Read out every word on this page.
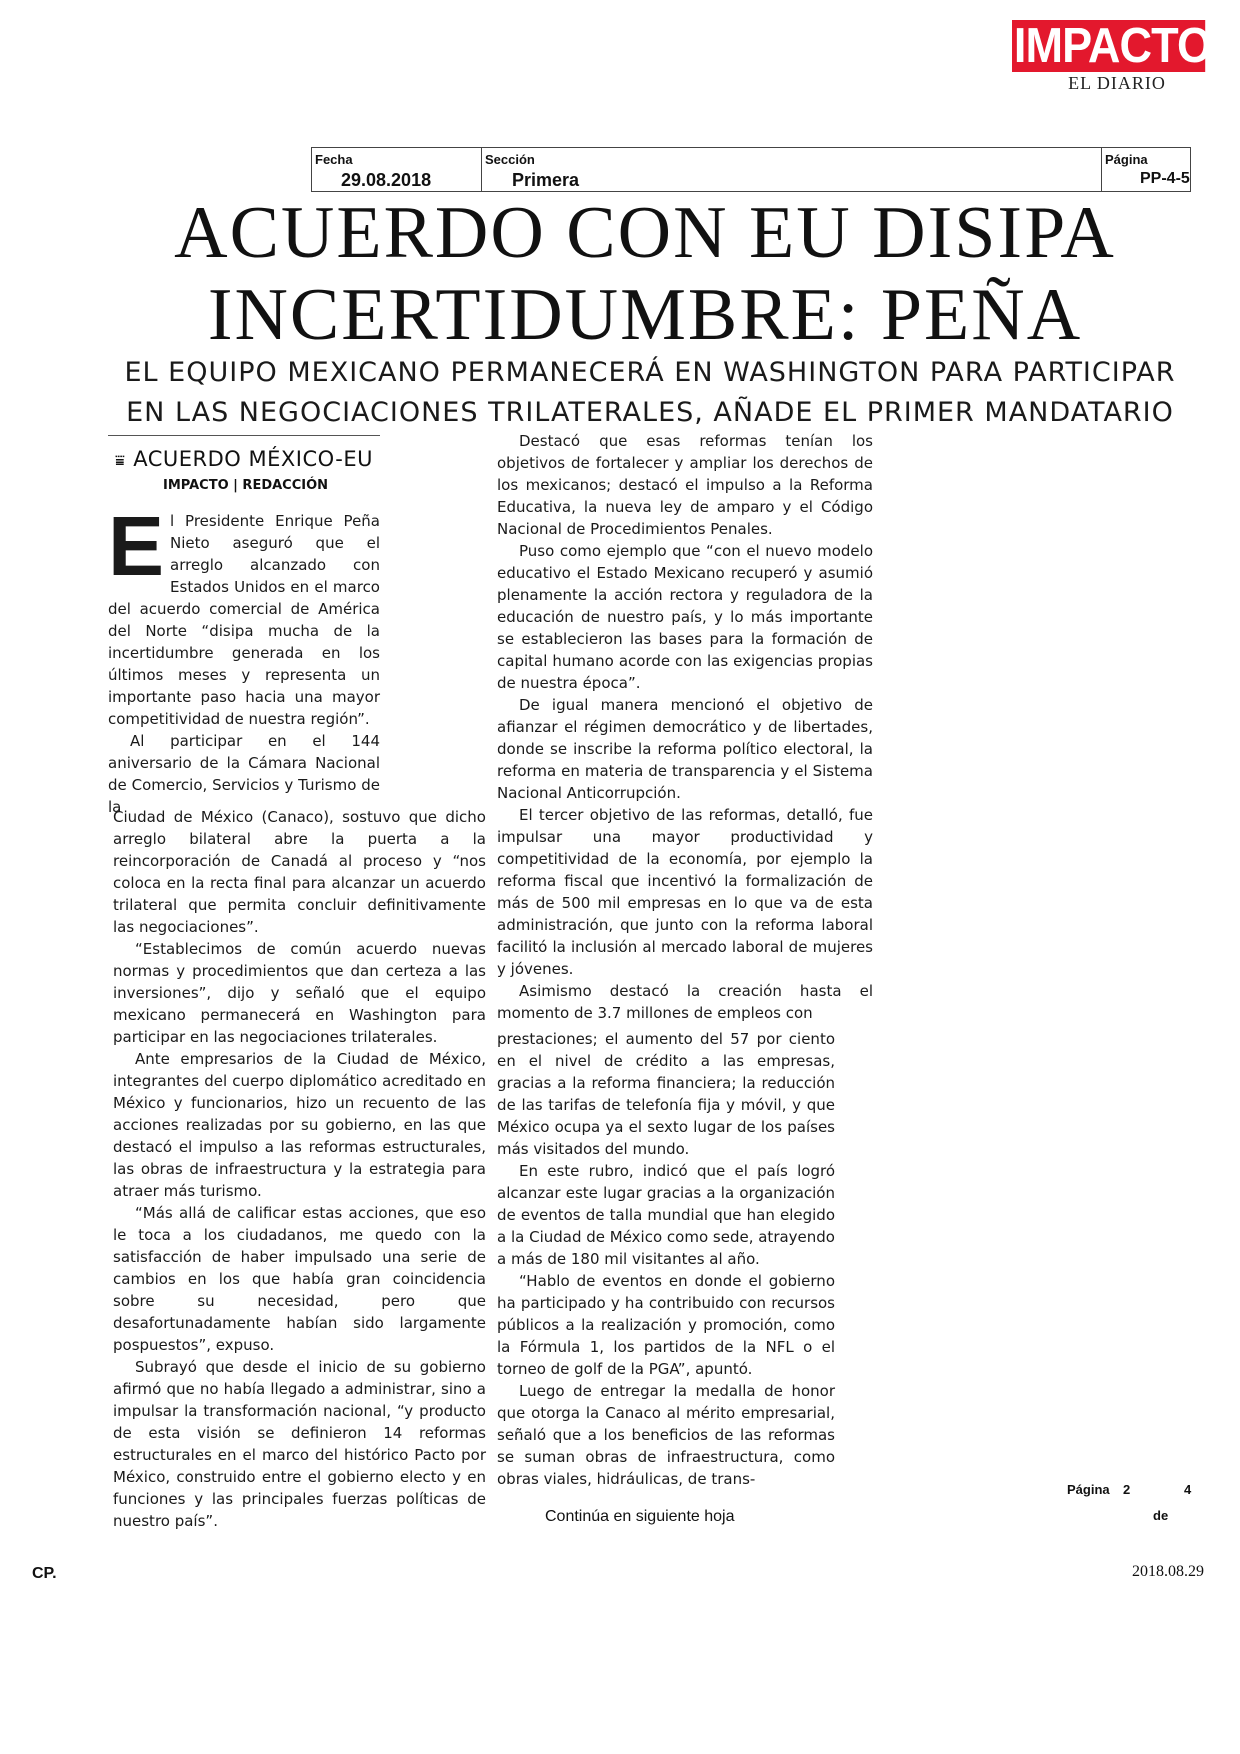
IMPACTO
EL DIARIO
Fecha
29.08.2018
Sección
Primera
Página
PP-4-5
ACUERDO CON EU DISIPA
INCERTIDUMBRE: PEÑA
EL EQUIPO MEXICANO PERMANECERÁ EN WASHINGTON PARA PARTICIPAR
EN LAS NEGOCIACIONES TRILATERALES, AÑADE EL PRIMER MANDATARIO
⩸ ACUERDO MÉXICO-EU
IMPACTO | REDACCIÓN
E l Presidente Enrique Peña Nieto aseguró que el arreglo alcanzado con Estados Unidos en el marco del acuerdo comercial de América del Norte “disipa mucha de la incertidumbre generada en los últimos meses y representa un importante paso hacia una mayor competitividad de nuestra región”.

Al participar en el 144 aniversario de la Cámara Nacional de Comercio, Servicios y Turismo de la

Ciudad de México (Canaco), sostuvo que dicho arreglo bilateral abre la puerta a la reincorporación de Canadá al proceso y “nos coloca en la recta final para alcanzar un acuerdo trilateral que permita concluir definitivamente las negociaciones”.

“Establecimos de común acuerdo nuevas normas y procedimientos que dan certeza a las inversiones”, dijo y señaló que el equipo mexicano permanecerá en Washington para participar en las negociaciones trilaterales.

Ante empresarios de la Ciudad de México, integrantes del cuerpo diplomático acreditado en México y funcionarios, hizo un recuento de las acciones realizadas por su gobierno, en las que destacó el impulso a las reformas estructurales, las obras de infraestructura y la estrategia para atraer más turismo.

“Más allá de calificar estas acciones, que eso le toca a los ciudadanos, me quedo con la satisfacción de haber impulsado una serie de cambios en los que había gran coincidencia sobre su necesidad, pero que desafortunadamente habían sido largamente pospuestos”, expuso.

Subrayó que desde el inicio de su gobierno afirmó que no había llegado a administrar, sino a impulsar la transformación nacional, “y producto de esta visión se definieron 14 reformas estructurales en el marco del histórico Pacto por México, construido entre el gobierno electo y en funciones y las principales fuerzas políticas de nuestro país”.

Destacó que esas reformas tenían los objetivos de fortalecer y ampliar los derechos de los mexicanos; destacó el impulso a la Reforma Educativa, la nueva ley de amparo y el Código Nacional de Procedimientos Penales.

Puso como ejemplo que “con el nuevo modelo educativo el Estado Mexicano recuperó y asumió plenamente la acción rectora y reguladora de la educación de nuestro país, y lo más importante se establecieron las bases para la formación de capital humano acorde con las exigencias propias de nuestra época”.

De igual manera mencionó el objetivo de afianzar el régimen democrático y de libertades, donde se inscribe la reforma político electoral, la reforma en materia de transparencia y el Sistema Nacional Anticorrupción.

El tercer objetivo de las reformas, detalló, fue impulsar una mayor productividad y competitividad de la economía, por ejemplo la reforma fiscal que incentivó la formalización de más de 500 mil empresas en lo que va de esta administración, que junto con la reforma laboral facilitó la inclusión al mercado laboral de mujeres y jóvenes.

Asimismo destacó la creación hasta el momento de 3.7 millones de empleos con

prestaciones; el aumento del 57 por ciento en el nivel de crédito a las empresas, gracias a la reforma financiera; la reducción de las tarifas de telefonía fija y móvil, y que México ocupa ya el sexto lugar de los países más visitados del mundo.

En este rubro, indicó que el país logró alcanzar este lugar gracias a la organización de eventos de talla mundial que han elegido a la Ciudad de México como sede, atrayendo a más de 180 mil visitantes al año.

“Hablo de eventos en donde el gobierno ha participado y ha contribuido con recursos públicos a la realización y promoción, como la Fórmula 1, los partidos de la NFL o el torneo de golf de la PGA”, apuntó.

Luego de entregar la medalla de honor que otorga la Canaco al mérito empresarial, señaló que a los beneficios de las reformas se suman obras de infraestructura, como obras viales, hidráulicas, de trans-

Continúa en siguiente hoja
Página 2	4
de
CP.	2018.08.29
